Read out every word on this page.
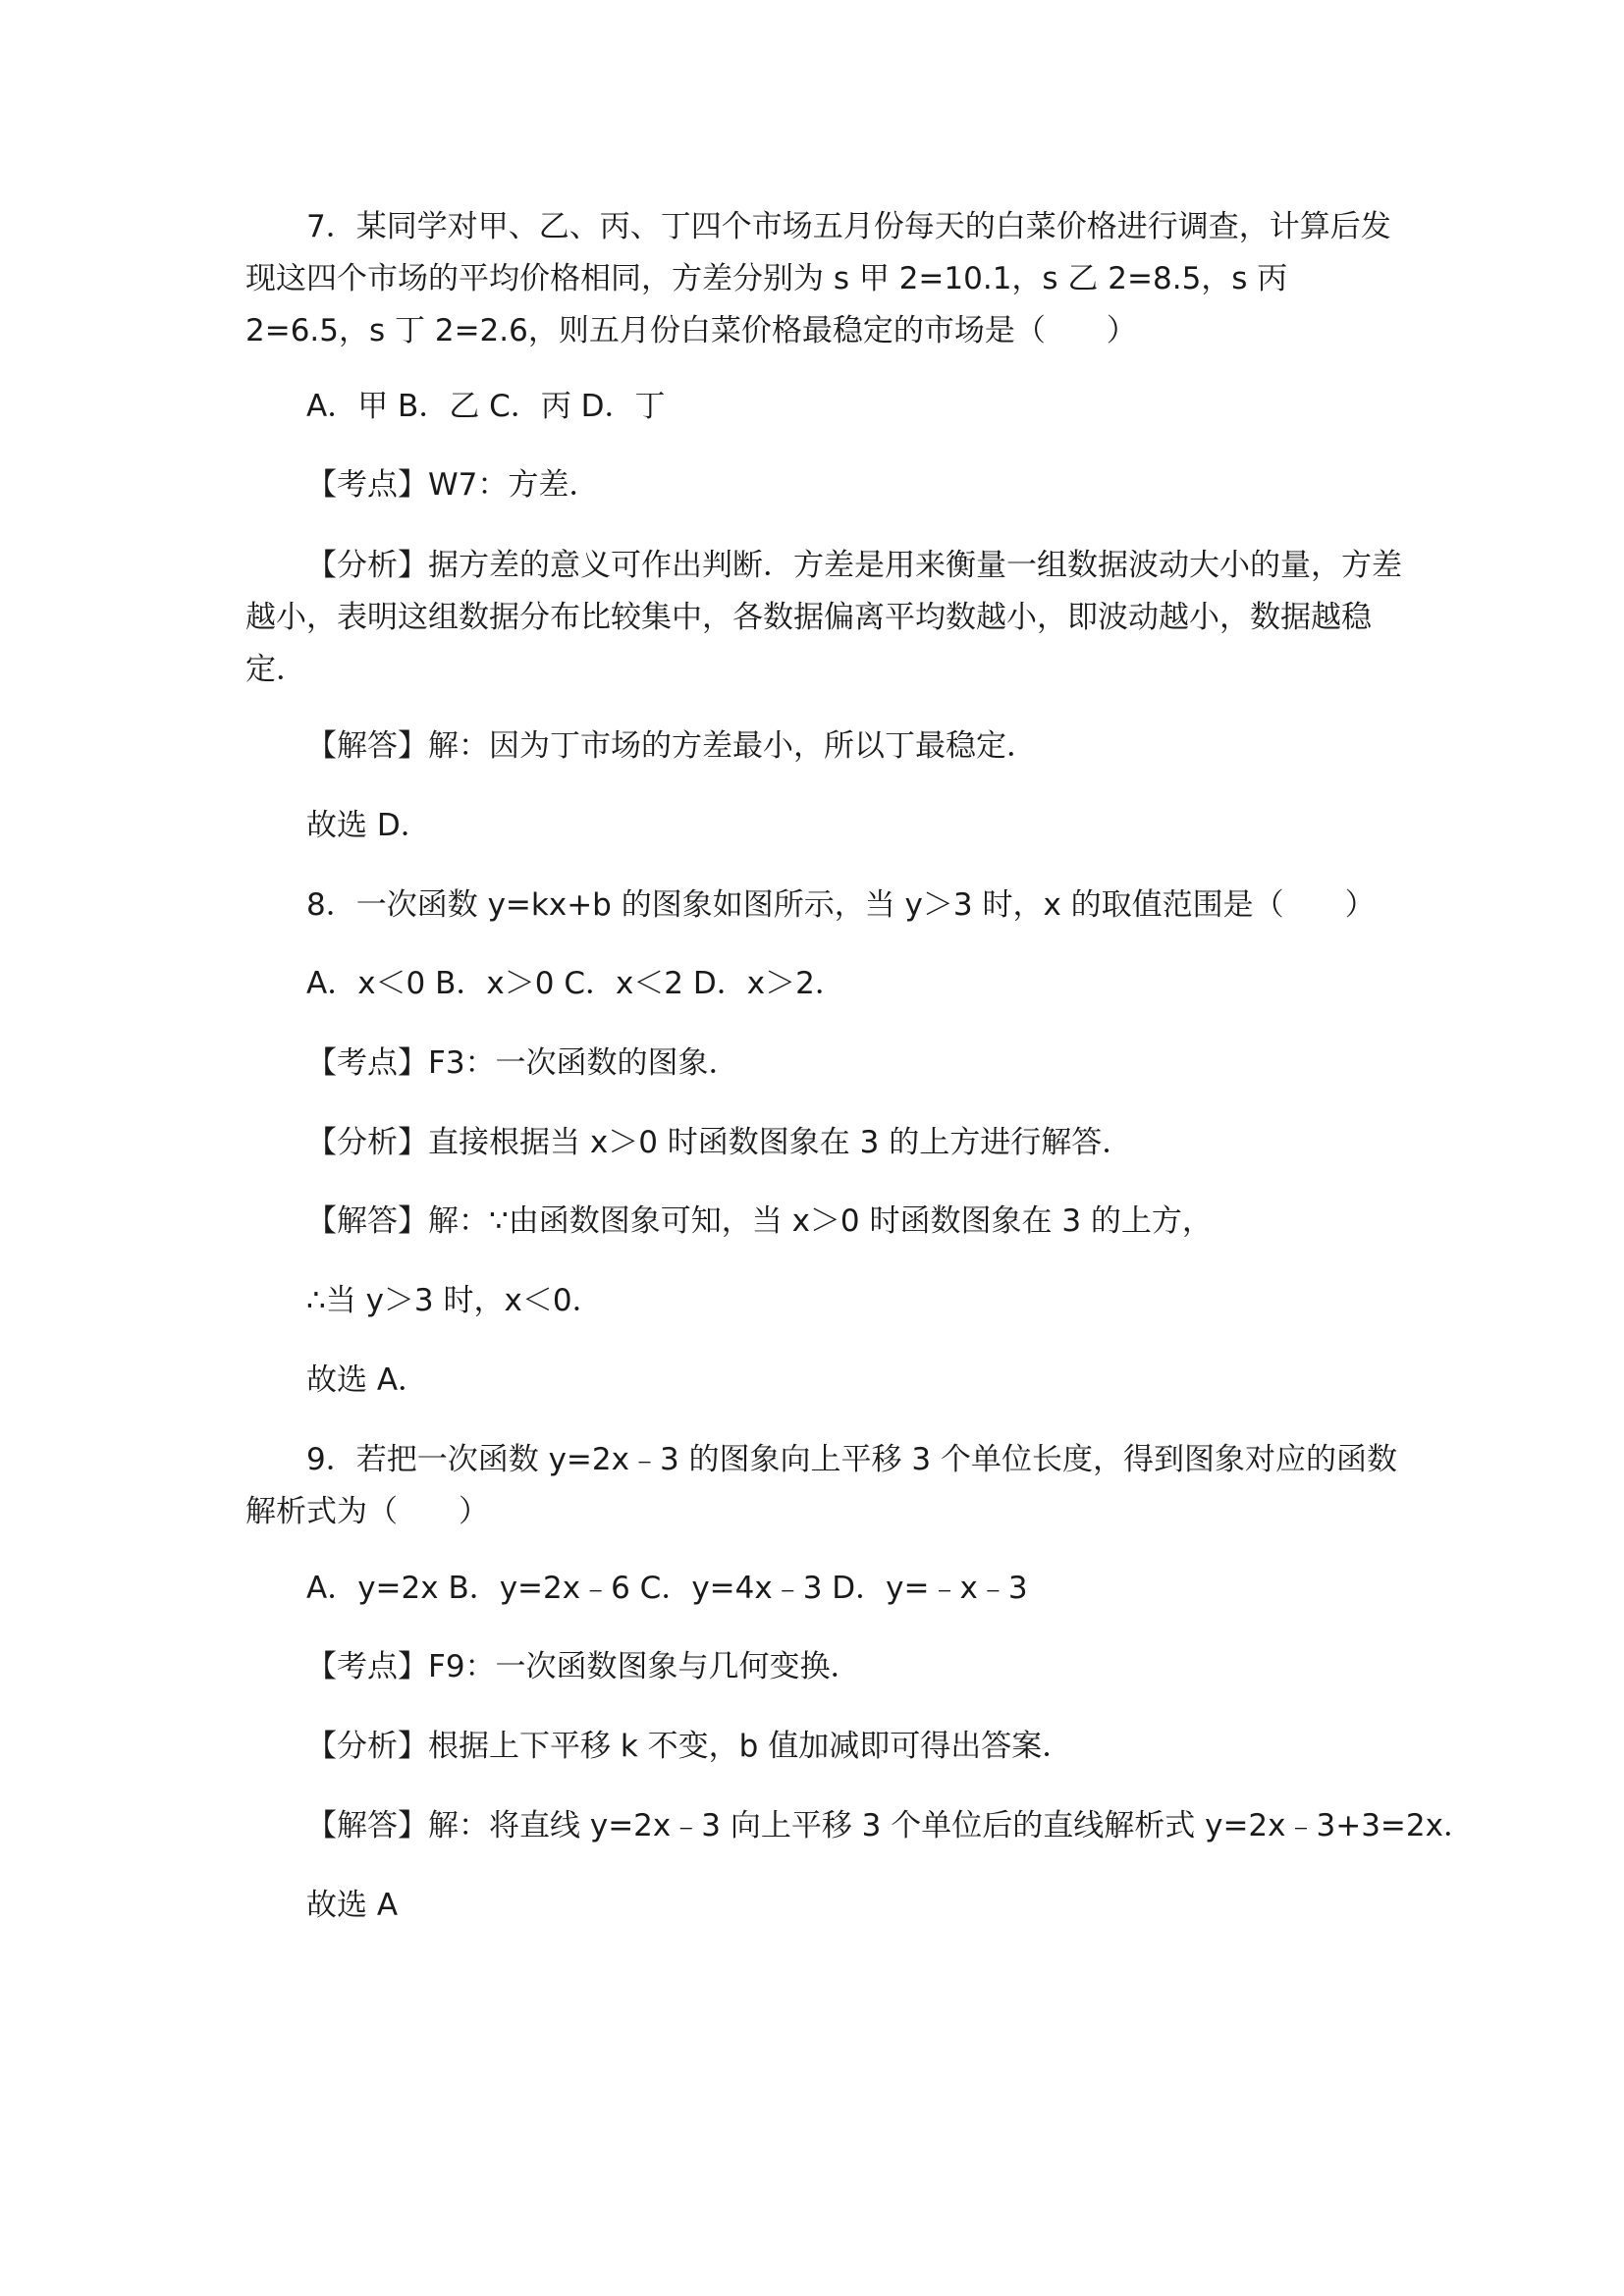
7．某同学对甲、乙、丙、丁四个市场五月份每天的白菜价格进行调查，计算后发现这四个市场的平均价格相同，方差分别为 s 甲 2=10.1，s 乙 2=8.5，s 丙 2=6.5，s 丁 2=2.6，则五月份白菜价格最稳定的市场是（　　）

A．甲 B．乙 C．丙 D．丁

【考点】W7：方差．

【分析】据方差的意义可作出判断．方差是用来衡量一组数据波动大小的量，方差越小，表明这组数据分布比较集中，各数据偏离平均数越小，即波动越小，数据越稳定．

【解答】解：因为丁市场的方差最小，所以丁最稳定．

故选 D．

8．一次函数 y=kx+b 的图象如图所示，当 y＞3 时，x 的取值范围是（　　）

A．x＜0 B．x＞0 C．x＜2 D．x＞2．

【考点】F3：一次函数的图象．

【分析】直接根据当 x＞0 时函数图象在 3 的上方进行解答．

【解答】解：∵由函数图象可知，当 x＞0 时函数图象在 3 的上方，

∴当 y＞3 时，x＜0．

故选 A．

9．若把一次函数 y=2x﹣3 的图象向上平移 3 个单位长度，得到图象对应的函数解析式为（　　）

A．y=2x B．y=2x﹣6 C．y=4x﹣3 D．y=﹣x﹣3

【考点】F9：一次函数图象与几何变换．

【分析】根据上下平移 k 不变，b 值加减即可得出答案．

【解答】解：将直线 y=2x﹣3 向上平移 3 个单位后的直线解析式 y=2x﹣3+3=2x．

故选 A
